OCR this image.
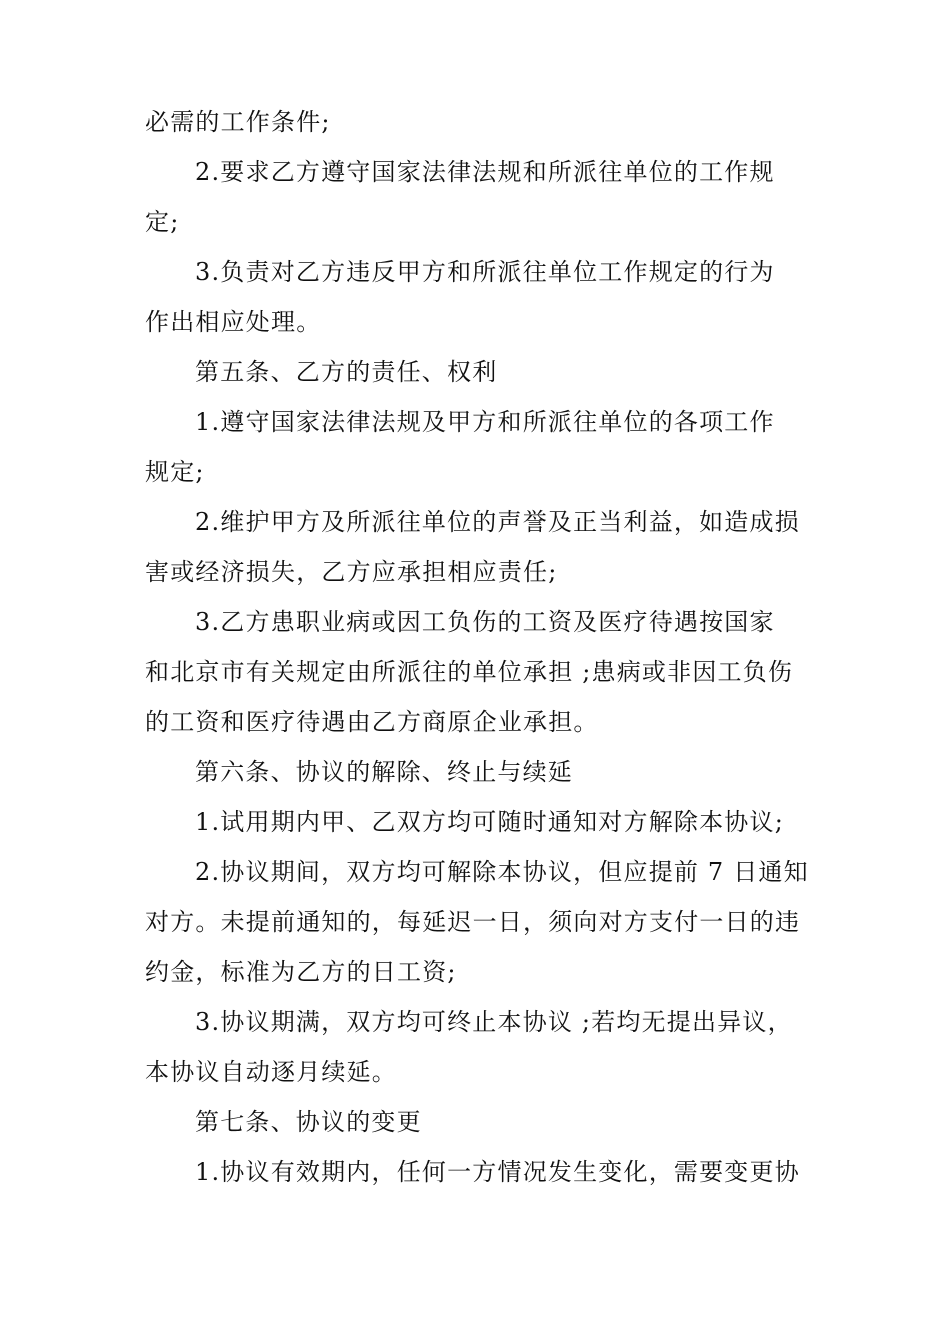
必需的工作条件;
2.要求乙方遵守国家法律法规和所派往单位的工作规
定;
3.负责对乙方违反甲方和所派往单位工作规定的行为
作出相应处理。
第五条、乙方的责任、权利
1.遵守国家法律法规及甲方和所派往单位的各项工作
规定;
2.维护甲方及所派往单位的声誉及正当利益，如造成损
害或经济损失，乙方应承担相应责任;
3.乙方患职业病或因工负伤的工资及医疗待遇按国家
和北京市有关规定由所派往的单位承担 ;患病或非因工负伤
的工资和医疗待遇由乙方商原企业承担。
第六条、协议的解除、终止与续延
1.试用期内甲、乙双方均可随时通知对方解除本协议;
2.协议期间，双方均可解除本协议，但应提前 7 日通知
对方。未提前通知的，每延迟一日，须向对方支付一日的违
约金，标准为乙方的日工资;
3.协议期满，双方均可终止本协议 ;若均无提出异议，
本协议自动逐月续延。
第七条、协议的变更
1.协议有效期内，任何一方情况发生变化，需要变更协
